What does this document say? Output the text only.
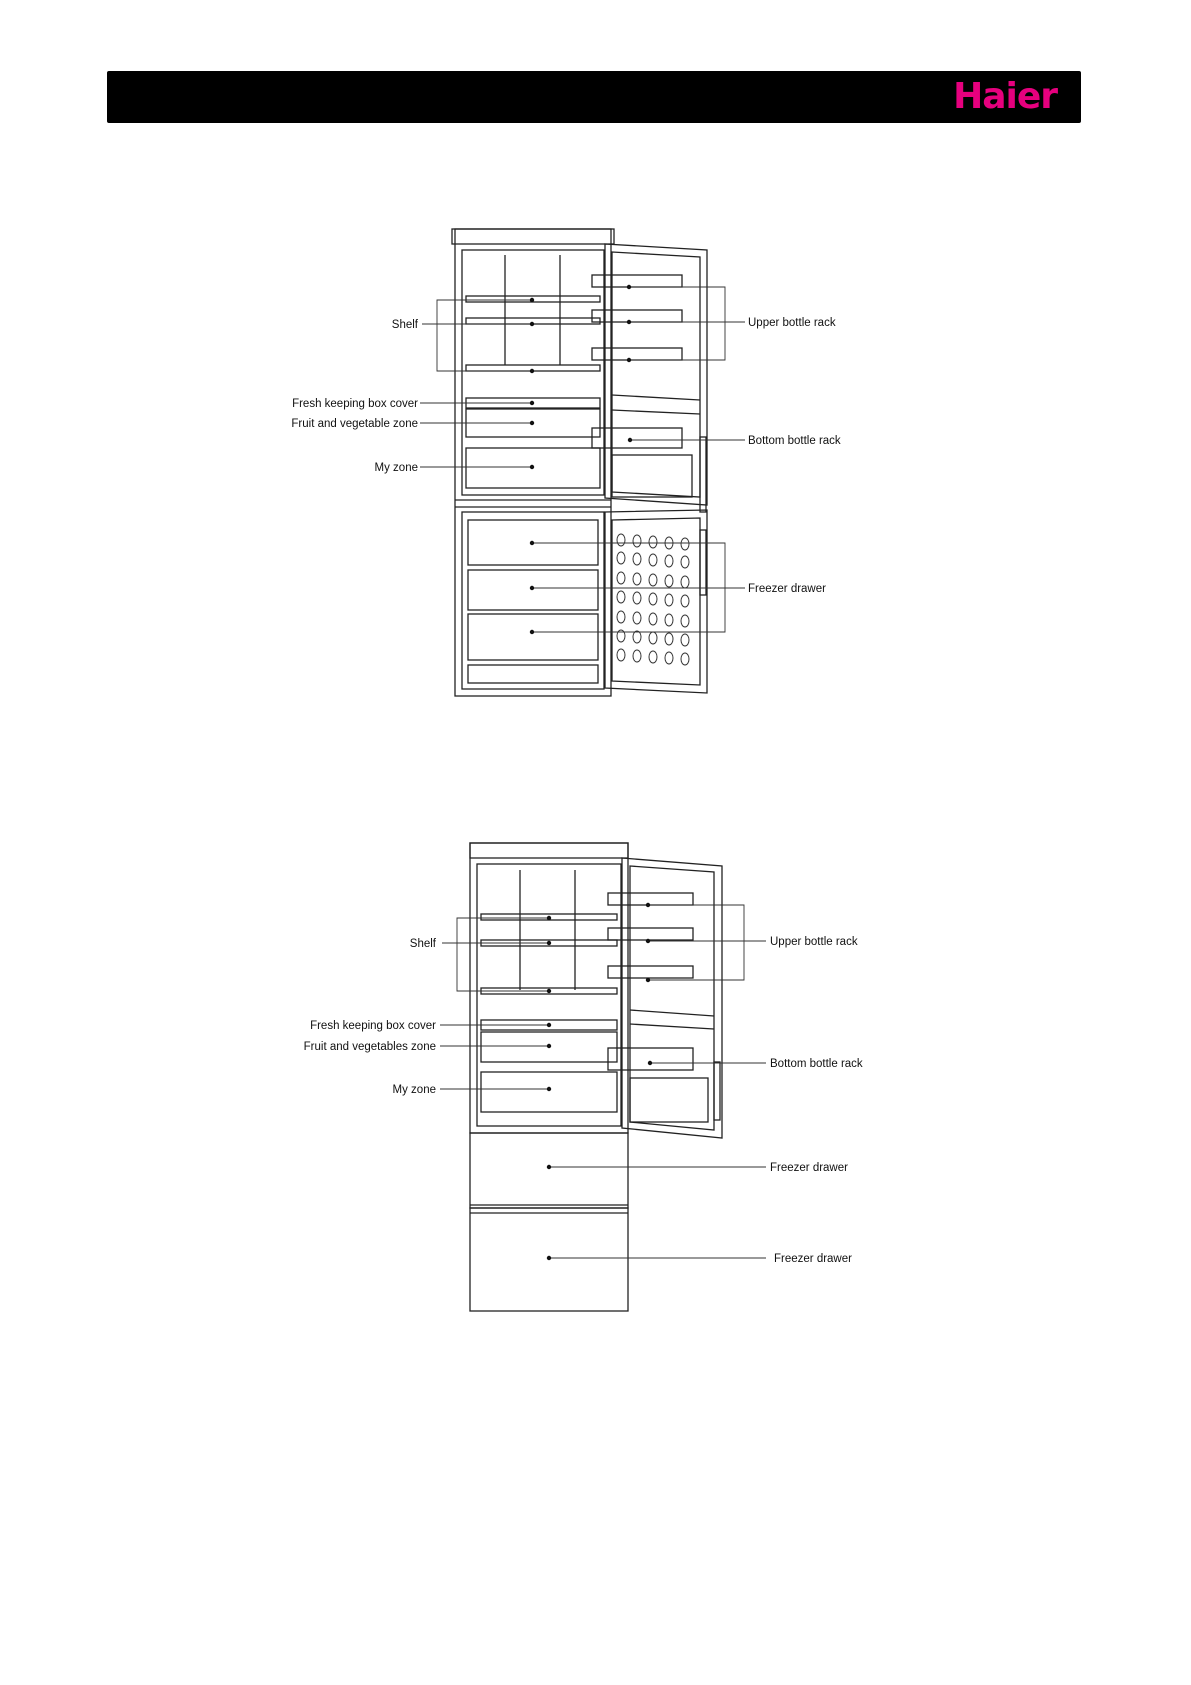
Haier
Shelf
Fresh keeping box cover
Fruit and vegetable zone
My zone
Upper bottle rack
Bottom bottle rack
Freezer drawer
Shelf
Fresh keeping box cover
Fruit and vegetables zone
My zone
Upper bottle rack
Bottom bottle rack
Freezer drawer
Freezer drawer
